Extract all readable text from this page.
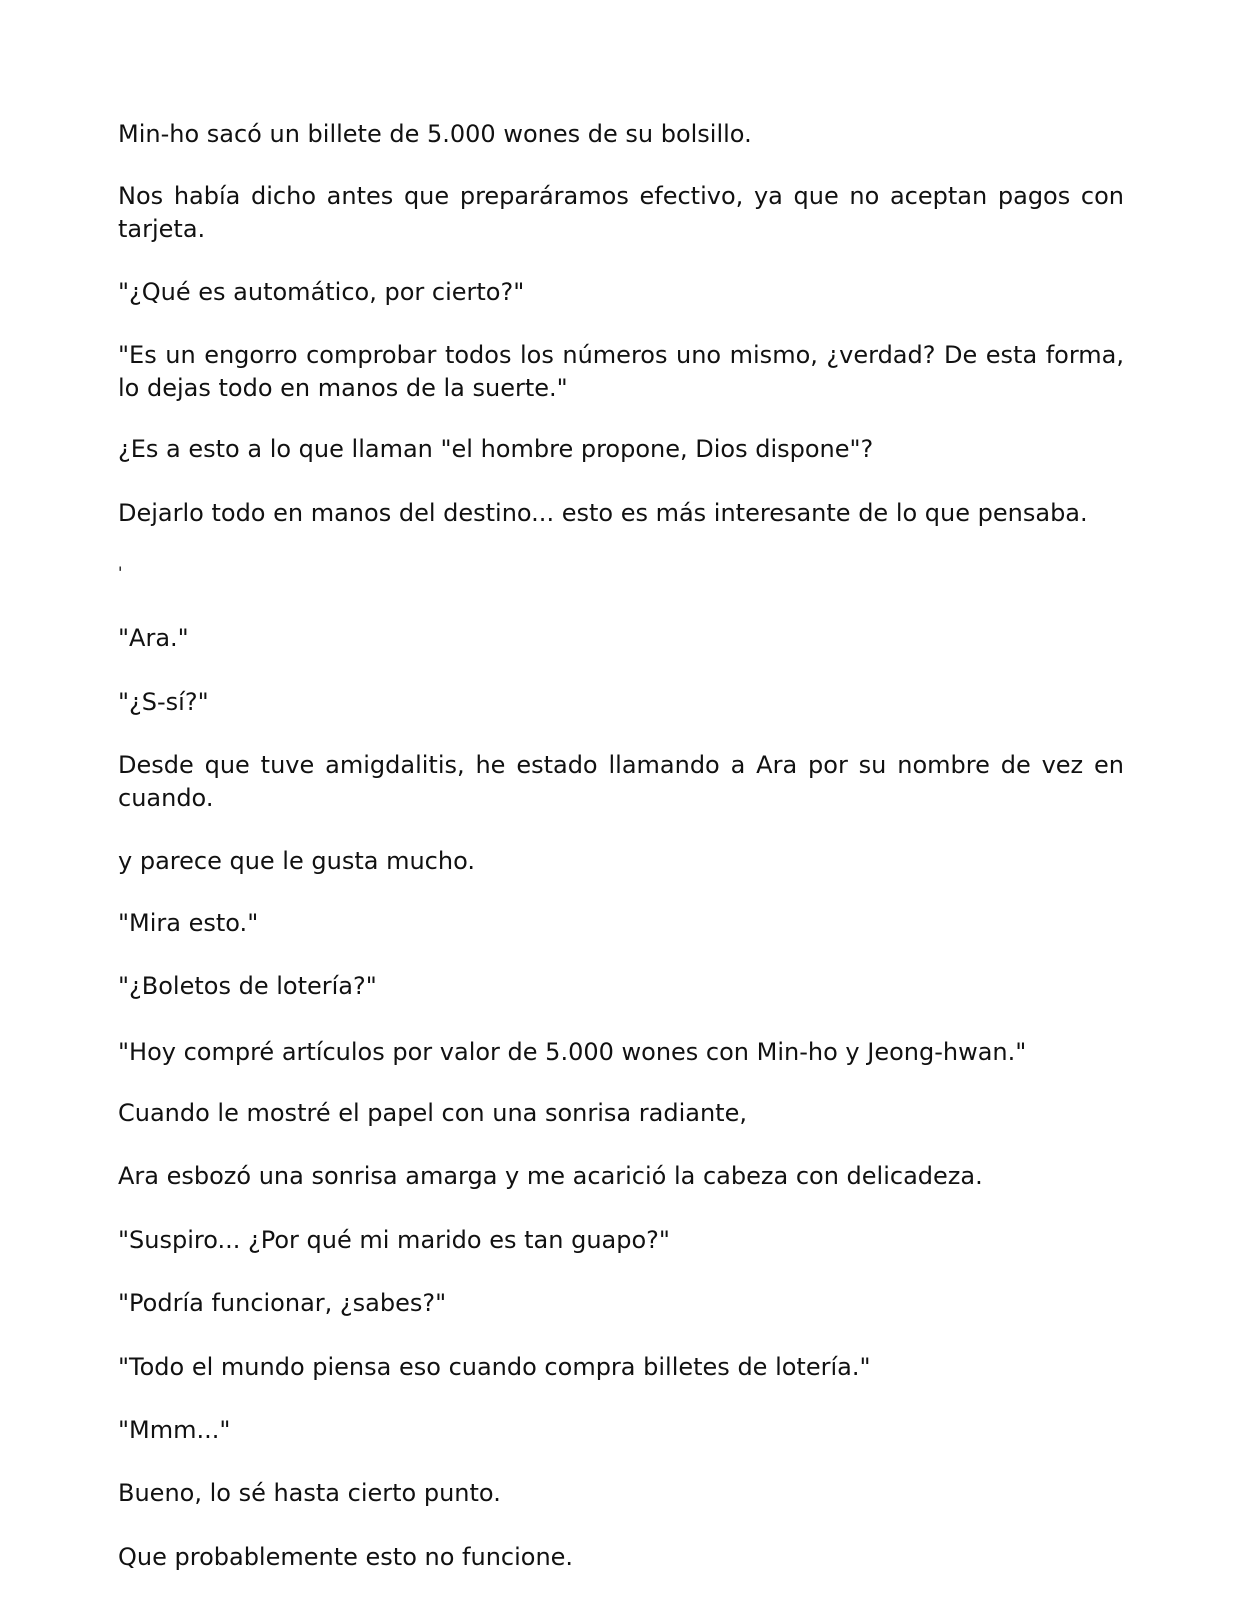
Min-ho sacó un billete de 5.000 wones de su bolsillo.

Nos había dicho antes que preparáramos efectivo, ya que no aceptan pagos con tarjeta.

"¿Qué es automático, por cierto?"

"Es un engorro comprobar todos los números uno mismo, ¿verdad? De esta forma, lo dejas todo en manos de la suerte."

¿Es a esto a lo que llaman "el hombre propone, Dios dispone"?

Dejarlo todo en manos del destino... esto es más interesante de lo que pensaba.

'

"Ara."

"¿S-sí?"

Desde que tuve amigdalitis, he estado llamando a Ara por su nombre de vez en cuando.

y parece que le gusta mucho.

"Mira esto."

"¿Boletos de lotería?"

"Hoy compré artículos por valor de 5.000 wones con Min-ho y Jeong-hwan."

Cuando le mostré el papel con una sonrisa radiante,

Ara esbozó una sonrisa amarga y me acarició la cabeza con delicadeza.

"Suspiro... ¿Por qué mi marido es tan guapo?"

"Podría funcionar, ¿sabes?"

"Todo el mundo piensa eso cuando compra billetes de lotería."

"Mmm..."

Bueno, lo sé hasta cierto punto.

Que probablemente esto no funcione.
